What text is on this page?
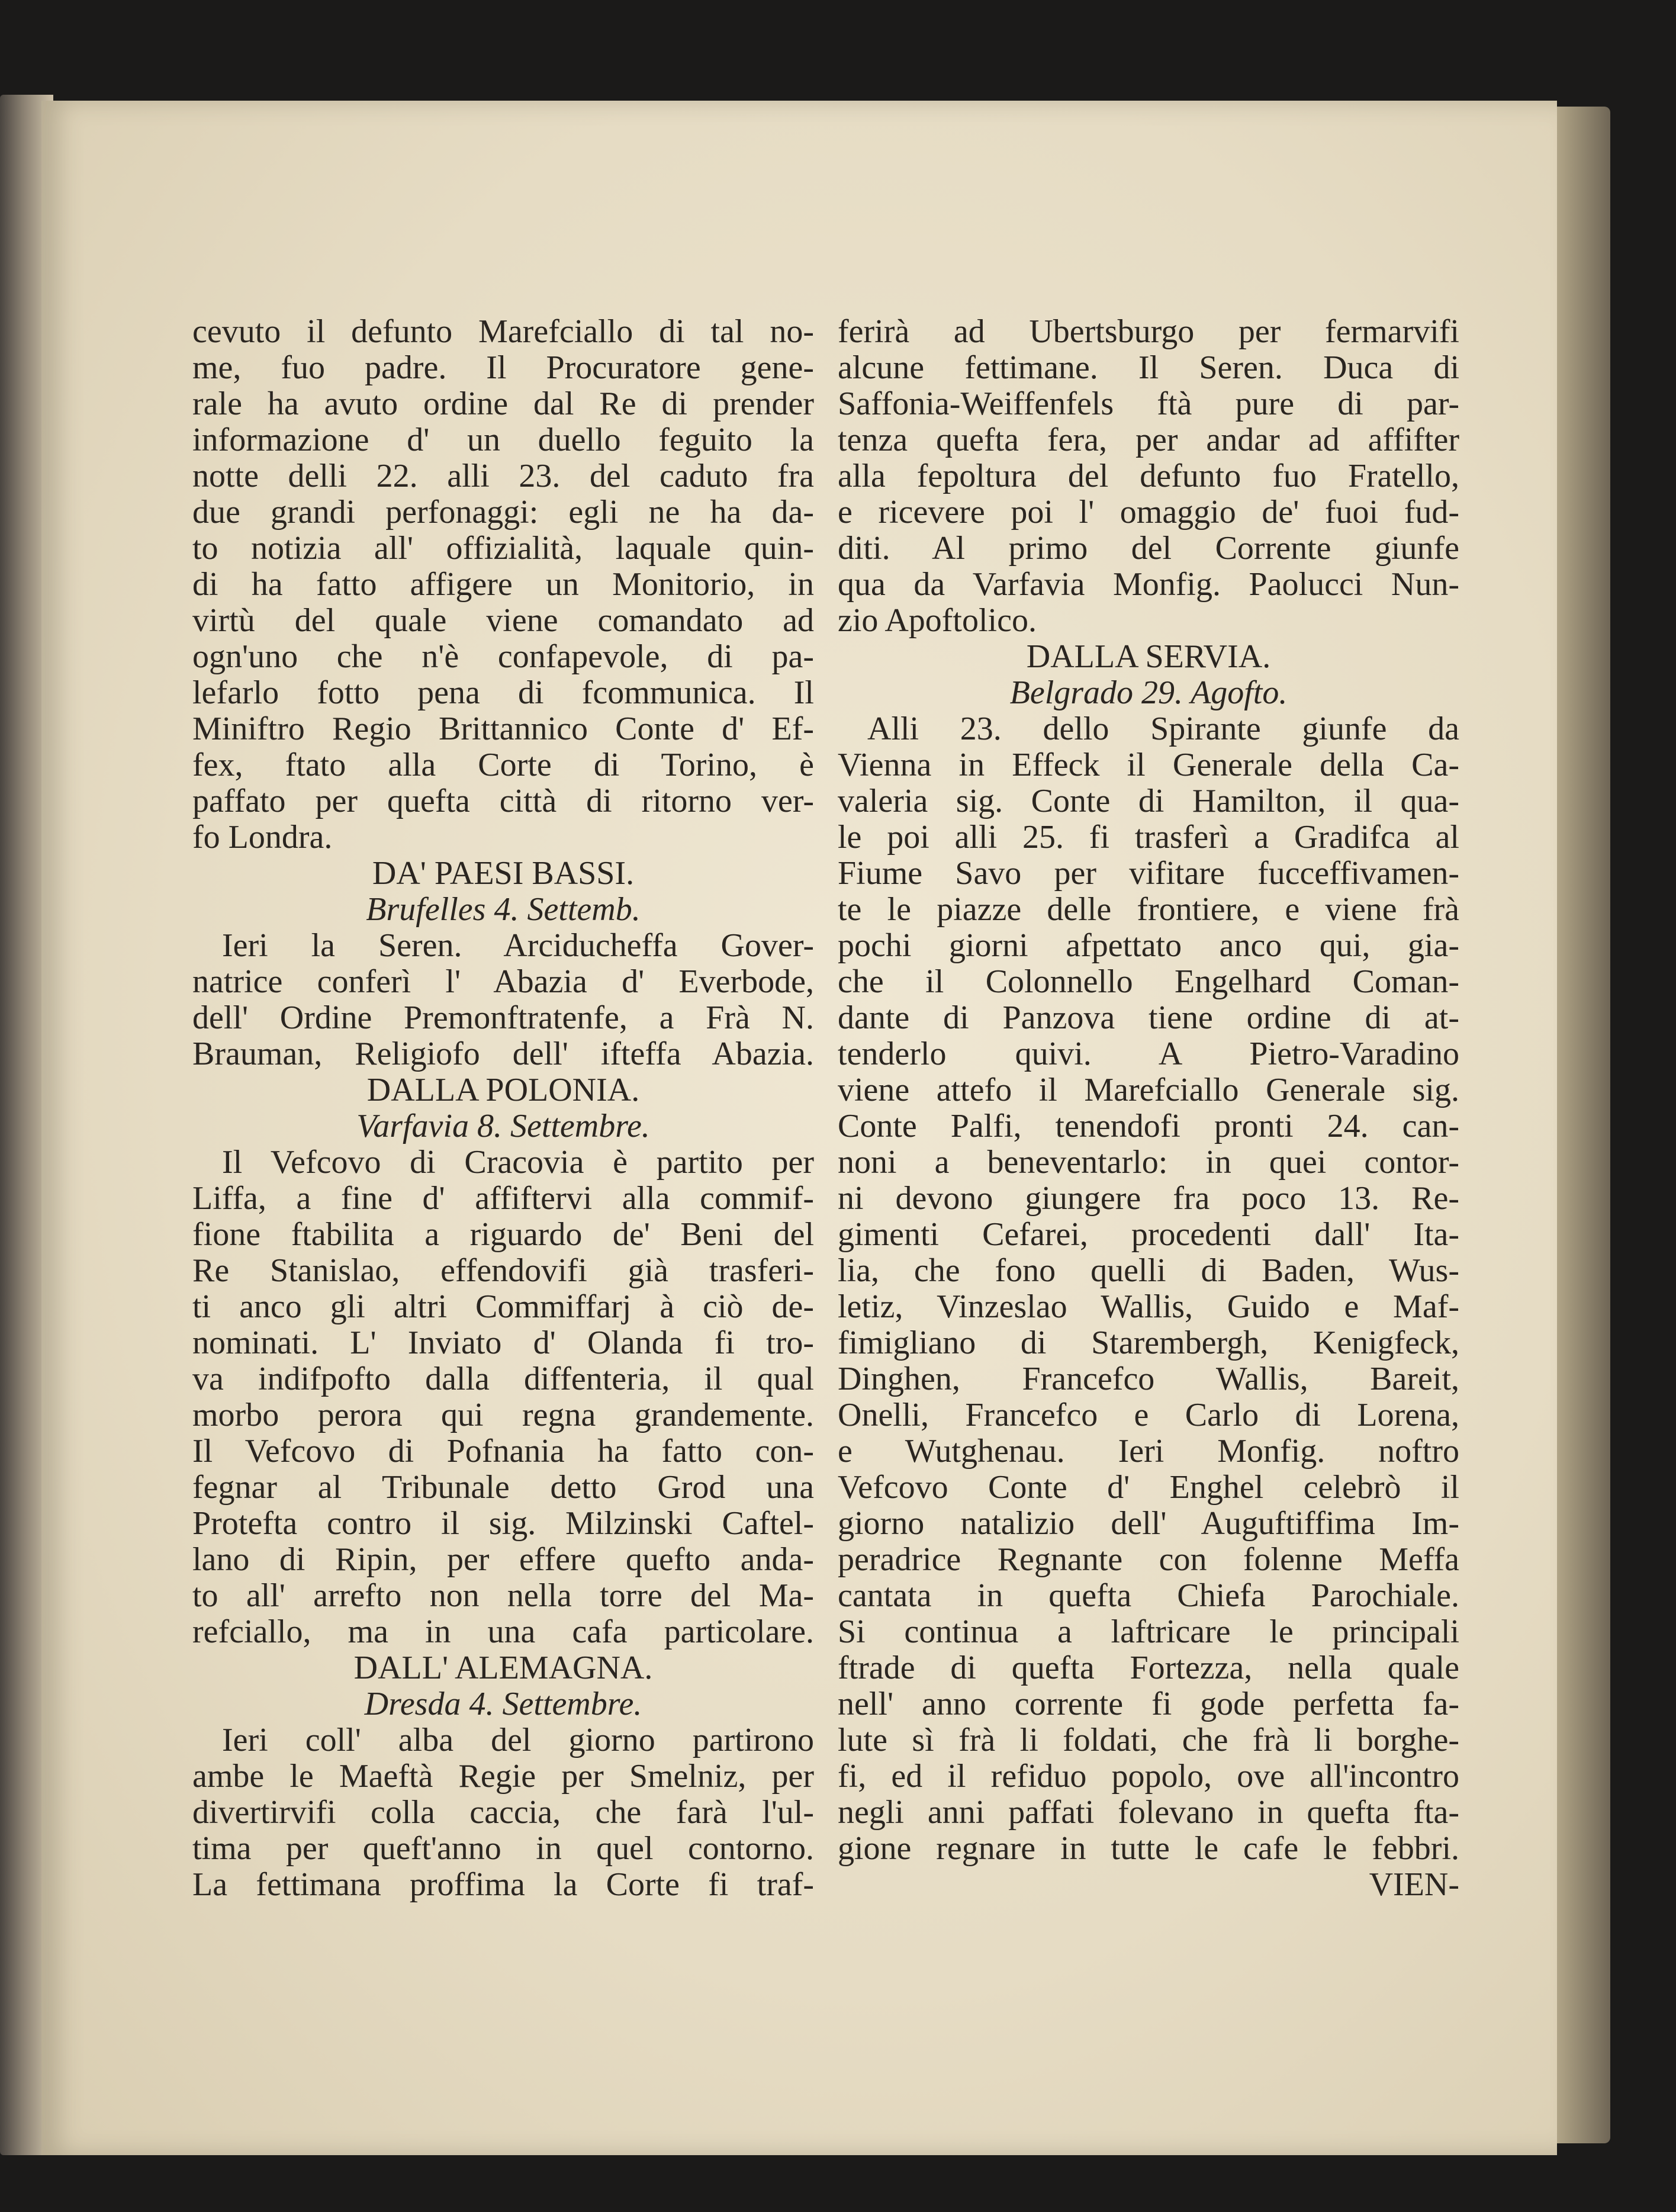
cevuto il defunto Marefciallo di tal no-
me, fuo padre. Il Procuratore gene-
rale ha avuto ordine dal Re di prender
informazione d' un duello feguito la
notte delli 22. alli 23. del caduto fra
due grandi perfonaggi: egli ne ha da-
to notizia all' offizialità, laquale quin-
di ha fatto affigere un Monitorio, in
virtù del quale viene comandato ad
ogn'uno che n'è confapevole, di pa-
lefarlo fotto pena di fcommunica. Il
Miniftro Regio Brittannico Conte d' Ef-
fex, ftato alla Corte di Torino, è
paffato per quefta città di ritorno ver-
fo Londra.
DA' PAESI BASSI.
Brufelles 4. Settemb.
Ieri la Seren. Arciducheffa Gover-
natrice conferì l' Abazia d' Everbode,
dell' Ordine Premonftratenfe, a Frà N.
Brauman, Religiofo dell' ifteffa Abazia.
DALLA POLONIA.
Varfavia 8. Settembre.
Il Vefcovo di Cracovia è partito per
Liffa, a fine d' affiftervi alla commif-
fione ftabilita a riguardo de' Beni del
Re Stanislao, effendovifi già trasferi-
ti anco gli altri Commiffarj à ciò de-
nominati. L' Inviato d' Olanda fi tro-
va indifpofto dalla diffenteria, il qual
morbo perora qui regna grandemente.
Il Vefcovo di Pofnania ha fatto con-
fegnar al Tribunale detto Grod una
Protefta contro il sig. Milzinski Caftel-
lano di Ripin, per effere quefto anda-
to all' arrefto non nella torre del Ma-
refciallo, ma in una cafa particolare.
DALL' ALEMAGNA.
Dresda 4. Settembre.
Ieri coll' alba del giorno partirono
ambe le Maeftà Regie per Smelniz, per
divertirvifi colla caccia, che farà l'ul-
tima per queft'anno in quel contorno.
La fettimana proffima la Corte fi traf-
ferirà ad Ubertsburgo per fermarvifi
alcune fettimane. Il Seren. Duca di
Saffonia-Weiffenfels ftà pure di par-
tenza quefta fera, per andar ad affifter
alla fepoltura del defunto fuo Fratello,
e ricevere poi l' omaggio de' fuoi fud-
diti. Al primo del Corrente giunfe
qua da Varfavia Monfig. Paolucci Nun-
zio Apoftolico.
DALLA SERVIA.
Belgrado 29. Agofto.
Alli 23. dello Spirante giunfe da
Vienna in Effeck il Generale della Ca-
valeria sig. Conte di Hamilton, il qua-
le poi alli 25. fi trasferì a Gradifca al
Fiume Savo per vifitare fucceffivamen-
te le piazze delle frontiere, e viene frà
pochi giorni afpettato anco qui, gia-
che il Colonnello Engelhard Coman-
dante di Panzova tiene ordine di at-
tenderlo quivi. A Pietro-Varadino
viene attefo il Marefciallo Generale sig.
Conte Palfi, tenendofi pronti 24. can-
noni a beneventarlo: in quei contor-
ni devono giungere fra poco 13. Re-
gimenti Cefarei, procedenti dall' Ita-
lia, che fono quelli di Baden, Wus-
letiz, Vinzeslao Wallis, Guido e Maf-
fimigliano di Starembergh, Kenigfeck,
Dinghen, Francefco Wallis, Bareit,
Onelli, Francefco e Carlo di Lorena,
e Wutghenau. Ieri Monfig. noftro
Vefcovo Conte d' Enghel celebrò il
giorno natalizio dell' Auguftiffima Im-
peradrice Regnante con folenne Meffa
cantata in quefta Chiefa Parochiale.
Si continua a laftricare le principali
ftrade di quefta Fortezza, nella quale
nell' anno corrente fi gode perfetta fa-
lute sì frà li foldati, che frà li borghe-
fi, ed il refiduo popolo, ove all'incontro
negli anni paffati folevano in quefta fta-
gione regnare in tutte le cafe le febbri.
VIEN-
